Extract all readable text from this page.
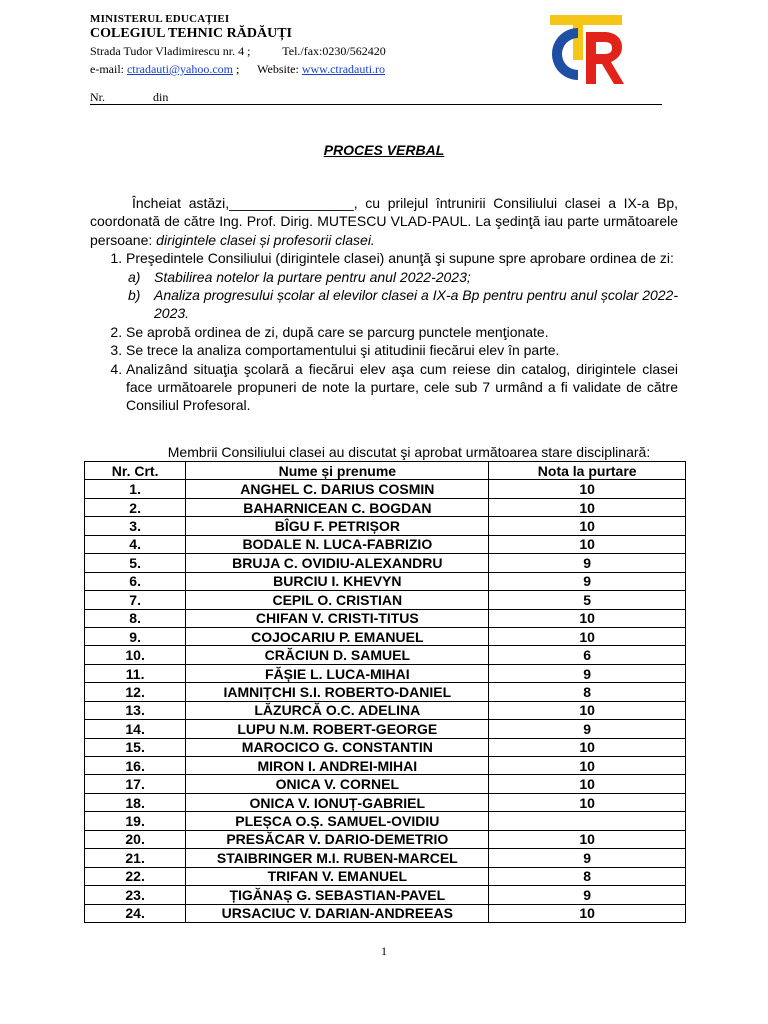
MINISTERUL EDUCAȚIEI
COLEGIUL TEHNIC RĂDĂUȚI
Strada Tudor Vladimirescu nr. 4 ;	Tel./fax:0230/562420
e-mail: ctradauti@yahoo.com ; Website: www.ctradauti.ro
Nr.	din
PROCES VERBAL

Încheiat astăzi,________________, cu prilejul întrunirii Consiliului clasei a IX-a Bp, coordonată de către Ing. Prof. Dirig. MUTESCU VLAD-PAUL. La şedinţă iau parte următoarele persoane: dirigintele clasei și profesorii clasei.

1. Preşedintele Consiliului (dirigintele clasei) anunţă şi supune spre aprobare ordinea de zi:
a) Stabilirea notelor la purtare pentru anul 2022-2023;
b) Analiza progresului școlar al elevilor clasei a IX-a Bp pentru pentru anul școlar 2022-2023.
2. Se aprobă ordinea de zi, după care se parcurg punctele menţionate.
3. Se trece la analiza comportamentului şi atitudinii fiecărui elev în parte.
4. Analizând situaţia şcolară a fiecărui elev aşa cum reiese din catalog, dirigintele clasei face următoarele propuneri de note la purtare, cele sub 7 urmând a fi validate de către Consiliul Profesoral.
Membrii Consiliului clasei au discutat şi aprobat următoarea stare disciplinară:
Nr. Crt.	Nume și prenume	Nota la purtare
1.	ANGHEL C. DARIUS COSMIN	10
2.	BAHARNICEAN C. BOGDAN	10
3.	BÎGU F. PETRIȘOR	10
4.	BODALE N. LUCA-FABRIZIO	10
5.	BRUJA C. OVIDIU-ALEXANDRU	9
6.	BURCIU I. KHEVYN	9
7.	CEPIL O. CRISTIAN	5
8.	CHIFAN V. CRISTI-TITUS	10
9.	COJOCARIU P. EMANUEL	10
10.	CRĂCIUN D. SAMUEL	6
11.	FĂȘIE L. LUCA-MIHAI	9
12.	IAMNIȚCHI S.I. ROBERTO-DANIEL	8
13.	LĂZURCĂ O.C. ADELINA	10
14.	LUPU N.M. ROBERT-GEORGE	9
15.	MAROCICO G. CONSTANTIN	10
16.	MIRON I. ANDREI-MIHAI	10
17.	ONICA V. CORNEL	10
18.	ONICA V. IONUȚ-GABRIEL	10
19.	PLEȘCA O.Ș. SAMUEL-OVIDIU	
20.	PRESĂCAR V. DARIO-DEMETRIO	10
21.	STAIBRINGER M.I. RUBEN-MARCEL	9
22.	TRIFAN V. EMANUEL	8
23.	ȚIGĂNAȘ G. SEBASTIAN-PAVEL	9
24.	URSACIUC V. DARIAN-ANDREEAS	10
1
